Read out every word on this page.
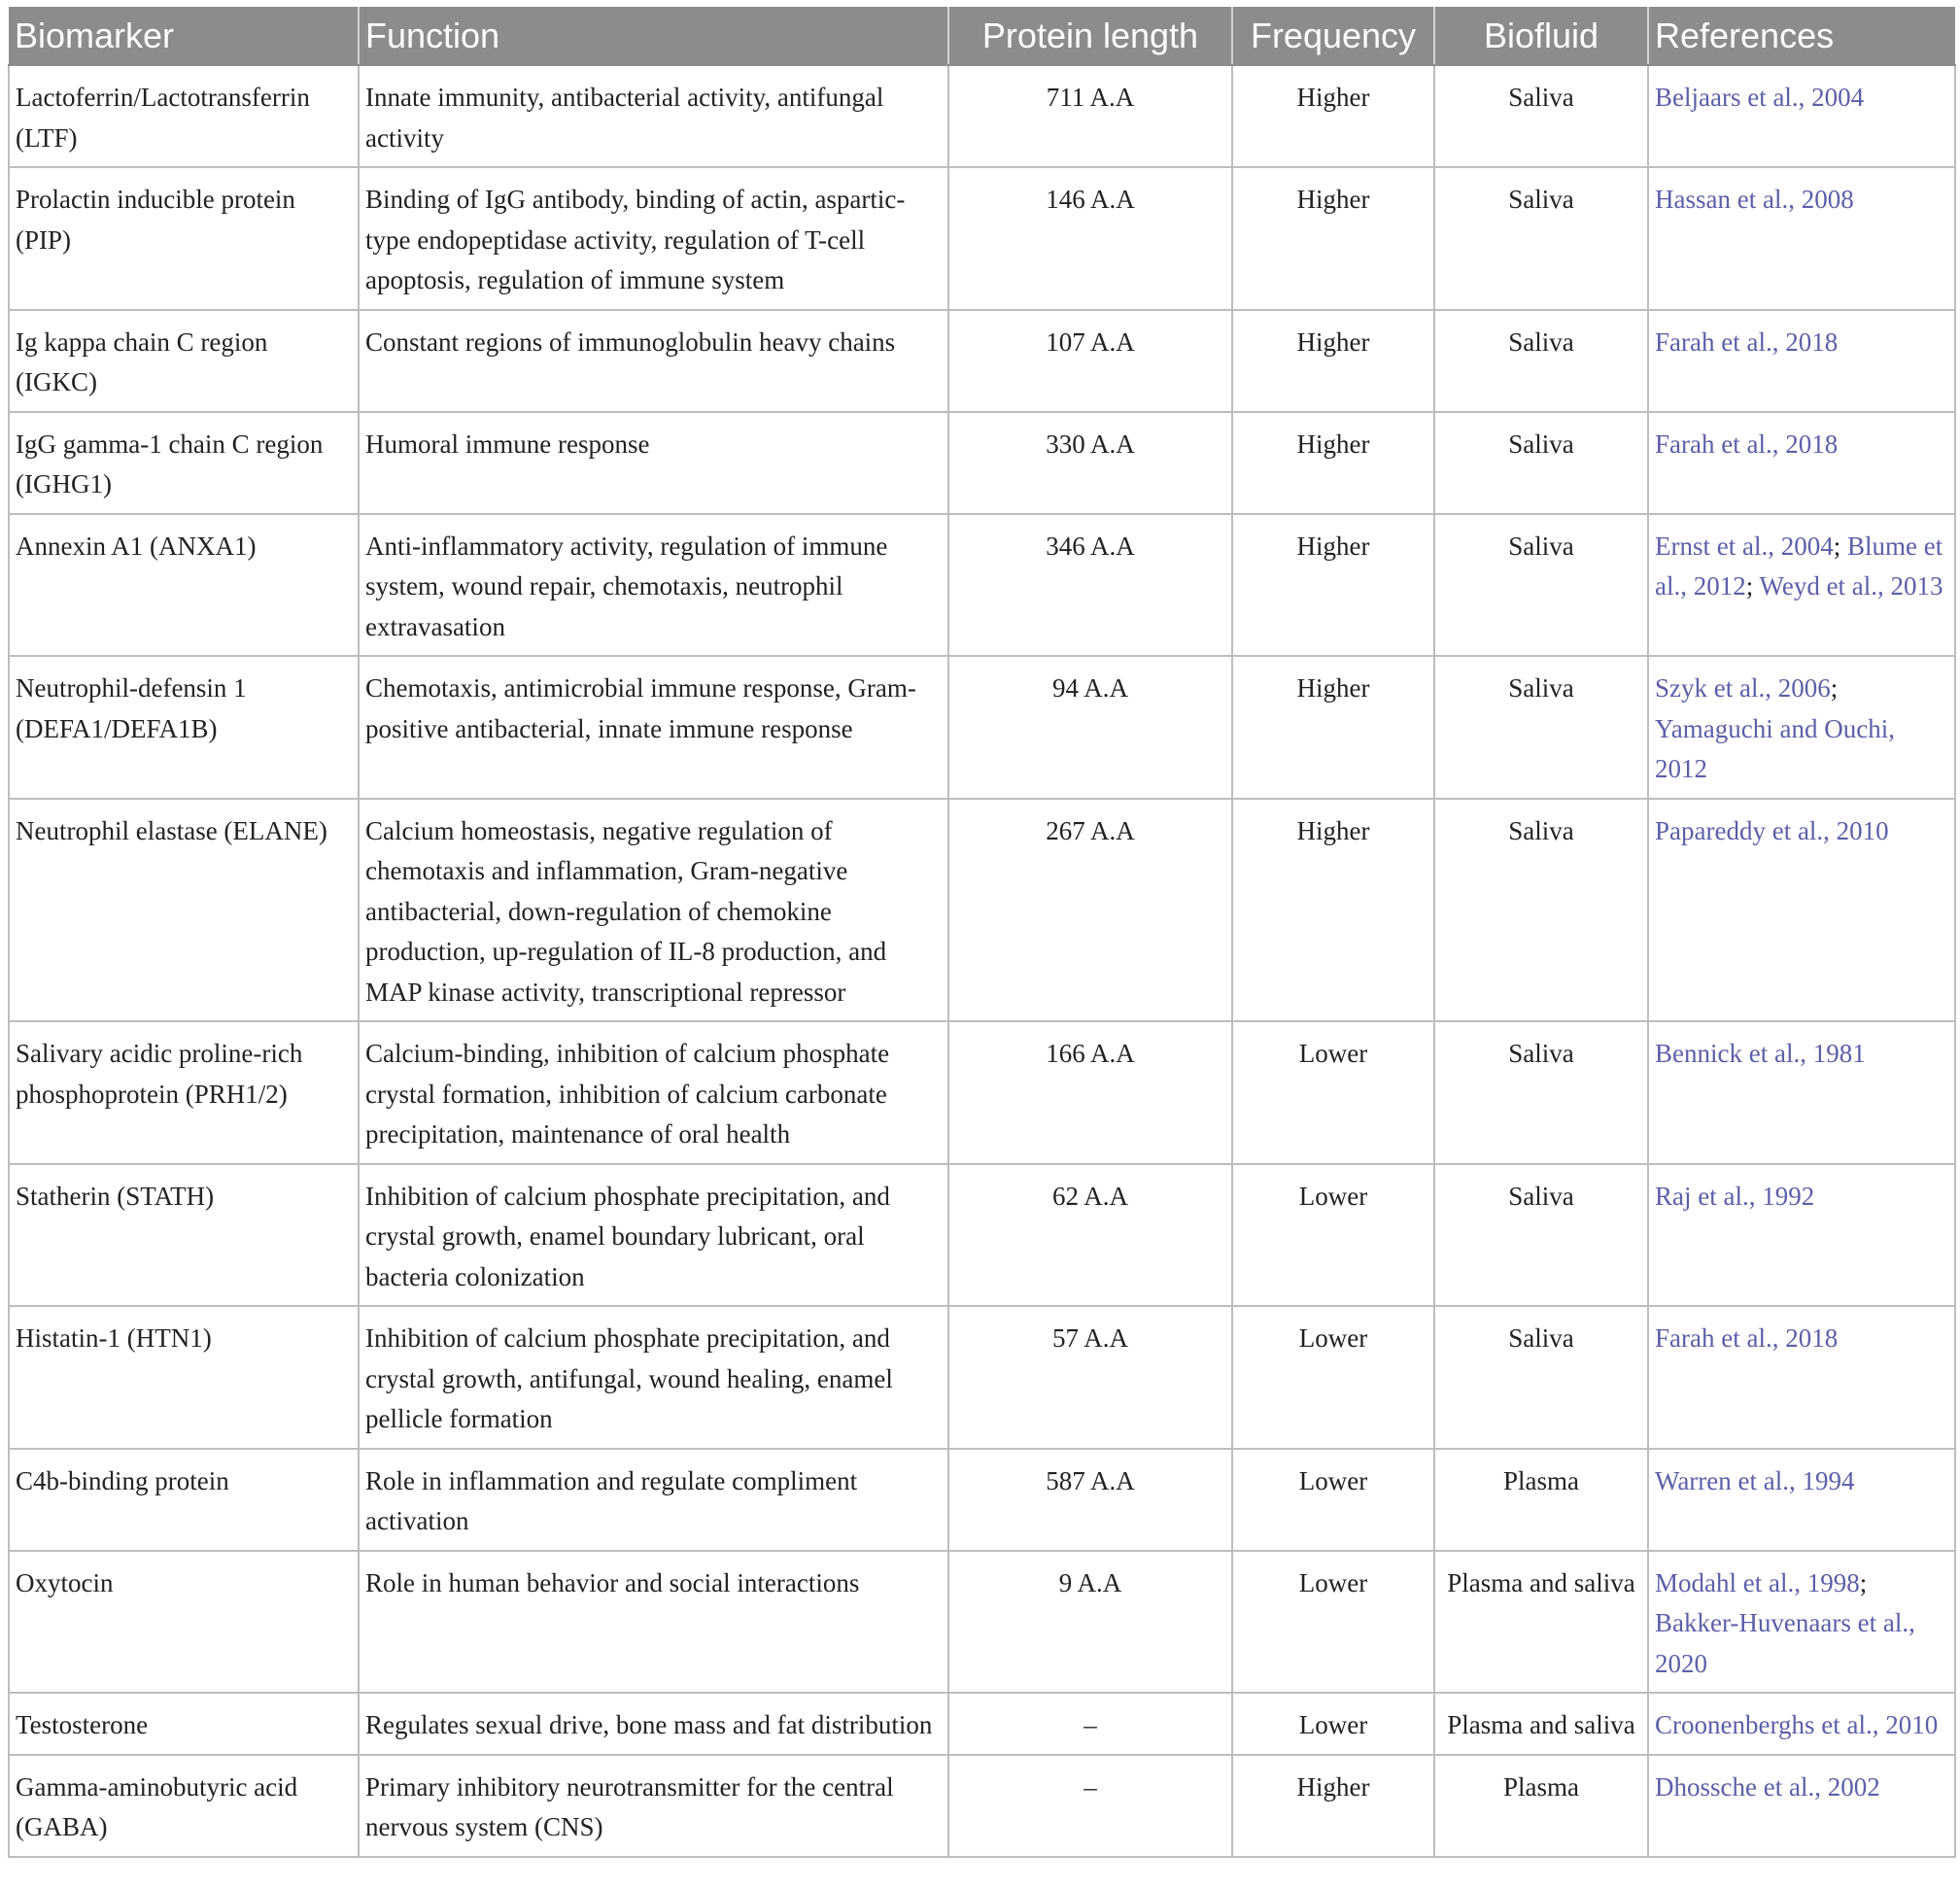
Biomarker	Function	Protein length	Frequency	Biofluid	References
Lactoferrin/Lactotransferrin (LTF)	Innate immunity, antibacterial activity, antifungal activity	711 A.A	Higher	Saliva	Beljaars et al., 2004
Prolactin inducible protein (PIP)	Binding of IgG antibody, binding of actin, aspartic-type endopeptidase activity, regulation of T-cell apoptosis, regulation of immune system	146 A.A	Higher	Saliva	Hassan et al., 2008
Ig kappa chain C region (IGKC)	Constant regions of immunoglobulin heavy chains	107 A.A	Higher	Saliva	Farah et al., 2018
IgG gamma-1 chain C region (IGHG1)	Humoral immune response	330 A.A	Higher	Saliva	Farah et al., 2018
Annexin A1 (ANXA1)	Anti-inflammatory activity, regulation of immune system, wound repair, chemotaxis, neutrophil extravasation	346 A.A	Higher	Saliva	Ernst et al., 2004; Blume et al., 2012; Weyd et al., 2013
Neutrophil-defensin 1 (DEFA1/DEFA1B)	Chemotaxis, antimicrobial immune response, Gram-positive antibacterial, innate immune response	94 A.A	Higher	Saliva	Szyk et al., 2006; Yamaguchi and Ouchi, 2012
Neutrophil elastase (ELANE)	Calcium homeostasis, negative regulation of chemotaxis and inflammation, Gram-negative antibacterial, down-regulation of chemokine production, up-regulation of IL-8 production, and MAP kinase activity, transcriptional repressor	267 A.A	Higher	Saliva	Papareddy et al., 2010
Salivary acidic proline-rich phosphoprotein (PRH1/2)	Calcium-binding, inhibition of calcium phosphate crystal formation, inhibition of calcium carbonate precipitation, maintenance of oral health	166 A.A	Lower	Saliva	Bennick et al., 1981
Statherin (STATH)	Inhibition of calcium phosphate precipitation, and crystal growth, enamel boundary lubricant, oral bacteria colonization	62 A.A	Lower	Saliva	Raj et al., 1992
Histatin-1 (HTN1)	Inhibition of calcium phosphate precipitation, and crystal growth, antifungal, wound healing, enamel pellicle formation	57 A.A	Lower	Saliva	Farah et al., 2018
C4b-binding protein	Role in inflammation and regulate compliment activation	587 A.A	Lower	Plasma	Warren et al., 1994
Oxytocin	Role in human behavior and social interactions	9 A.A	Lower	Plasma and saliva	Modahl et al., 1998; Bakker-Huvenaars et al., 2020
Testosterone	Regulates sexual drive, bone mass and fat distribution	–	Lower	Plasma and saliva	Croonenberghs et al., 2010
Gamma-aminobutyric acid (GABA)	Primary inhibitory neurotransmitter for the central nervous system (CNS)	–	Higher	Plasma	Dhossche et al., 2002
